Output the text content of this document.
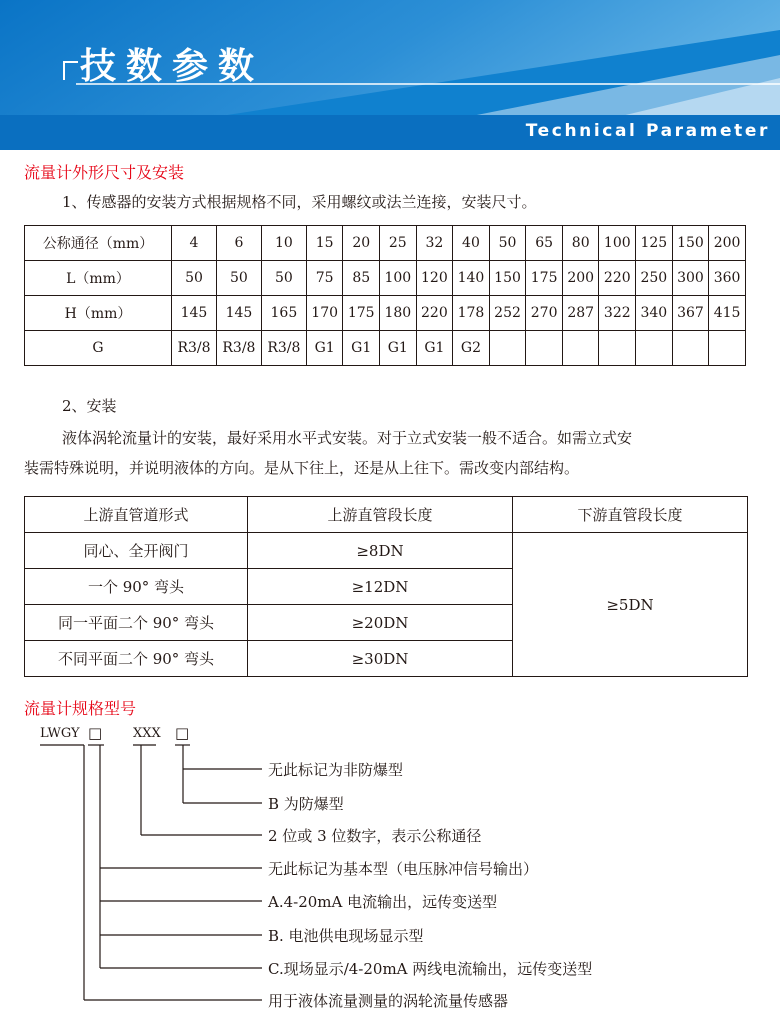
技数参数
Technical Parameter
流量计外形尺寸及安装
1、传感器的安装方式根据规格不同，采用螺纹或法兰连接，安装尺寸。
公称通径（mm）	4	6	10	15	20	25	32	40	50	65	80	100	125	150	200
L（mm）	50	50	50	75	85	100	120	140	150	175	200	220	250	300	360
H（mm）	145	145	165	170	175	180	220	178	252	270	287	322	340	367	415
G	R3/8	R3/8	R3/8	G1	G1	G1	G1	G2							
2、安装
液体涡轮流量计的安装，最好采用水平式安装。对于立式安装一般不适合。如需立式安
装需特殊说明，并说明液体的方向。是从下往上，还是从上往下。需改变内部结构。
上游直管道形式	上游直管段长度	下游直管段长度
同心、全开阀门	≥8DN	≥5DN
一个 90° 弯头	≥12DN	
同一平面二个 90° 弯头	≥20DN	
不同平面二个 90° 弯头	≥30DN	
流量计规格型号
LWGY □ XXX □
无此标记为非防爆型
B 为防爆型
2 位或 3 位数字，表示公称通径
无此标记为基本型（电压脉冲信号输出）
A.4-20mA 电流输出，远传变送型
B. 电池供电现场显示型
C.现场显示/4-20mA 两线电流输出，远传变送型
用于液体流量测量的涡轮流量传感器
